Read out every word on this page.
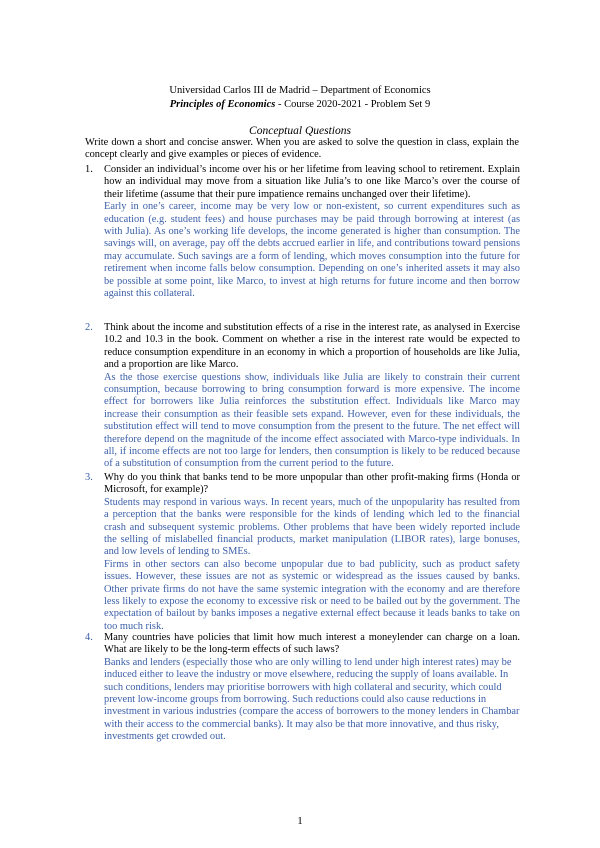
Universidad Carlos III de Madrid – Department of Economics
Principles of Economics - Course 2020-2021 - Problem Set 9
Conceptual Questions

Write down a short and concise answer. When you are asked to solve the question in class, explain the concept clearly and give examples or pieces of evidence.

1. Consider an individual’s income over his or her lifetime from leaving school to retirement. Explain how an individual may move from a situation like Julia’s to one like Marco’s over the course of their lifetime (assume that their pure impatience remains unchanged over their lifetime).

Early in one’s career, income may be very low or non-existent, so current expenditures such as education (e.g. student fees) and house purchases may be paid through borrowing at interest (as with Julia). As one’s working life develops, the income generated is higher than consumption. The savings will, on average, pay off the debts accrued earlier in life, and contributions toward pensions may accumulate. Such savings are a form of lending, which moves consumption into the future for retirement when income falls below consumption. Depending on one’s inherited assets it may also be possible at some point, like Marco, to invest at high returns for future income and then borrow against this collateral.

2. Think about the income and substitution effects of a rise in the interest rate, as analysed in Exercise 10.2 and 10.3 in the book. Comment on whether a rise in the interest rate would be expected to reduce consumption expenditure in an economy in which a proportion of households are like Julia, and a proportion are like Marco.

As the those exercise questions show, individuals like Julia are likely to constrain their current consumption, because borrowing to bring consumption forward is more expensive. The income effect for borrowers like Julia reinforces the substitution effect. Individuals like Marco may increase their consumption as their feasible sets expand. However, even for these individuals, the substitution effect will tend to move consumption from the present to the future. The net effect will therefore depend on the magnitude of the income effect associated with Marco-type individuals. In all, if income effects are not too large for lenders, then consumption is likely to be reduced because of a substitution of consumption from the current period to the future.

3. Why do you think that banks tend to be more unpopular than other profit-making firms (Honda or Microsoft, for example)?

Students may respond in various ways. In recent years, much of the unpopularity has resulted from a perception that the banks were responsible for the kinds of lending which led to the financial crash and subsequent systemic problems. Other problems that have been widely reported include the selling of mislabelled financial products, market manipulation (LIBOR rates), large bonuses, and low levels of lending to SMEs.

Firms in other sectors can also become unpopular due to bad publicity, such as product safety issues. However, these issues are not as systemic or widespread as the issues caused by banks. Other private firms do not have the same systemic integration with the economy and are therefore less likely to expose the economy to excessive risk or need to be bailed out by the government. The expectation of bailout by banks imposes a negative external effect because it leads banks to take on too much risk.

4. Many countries have policies that limit how much interest a moneylender can charge on a loan. What are likely to be the long-term effects of such laws?

Banks and lenders (especially those who are only willing to lend under high interest rates) may be induced either to leave the industry or move elsewhere, reducing the supply of loans available. In such conditions, lenders may prioritise borrowers with high collateral and security, which could prevent low-income groups from borrowing. Such reductions could also cause reductions in investment in various industries (compare the access of borrowers to the money lenders in Chambar with their access to the commercial banks). It may also be that more innovative, and thus risky, investments get crowded out.

1
